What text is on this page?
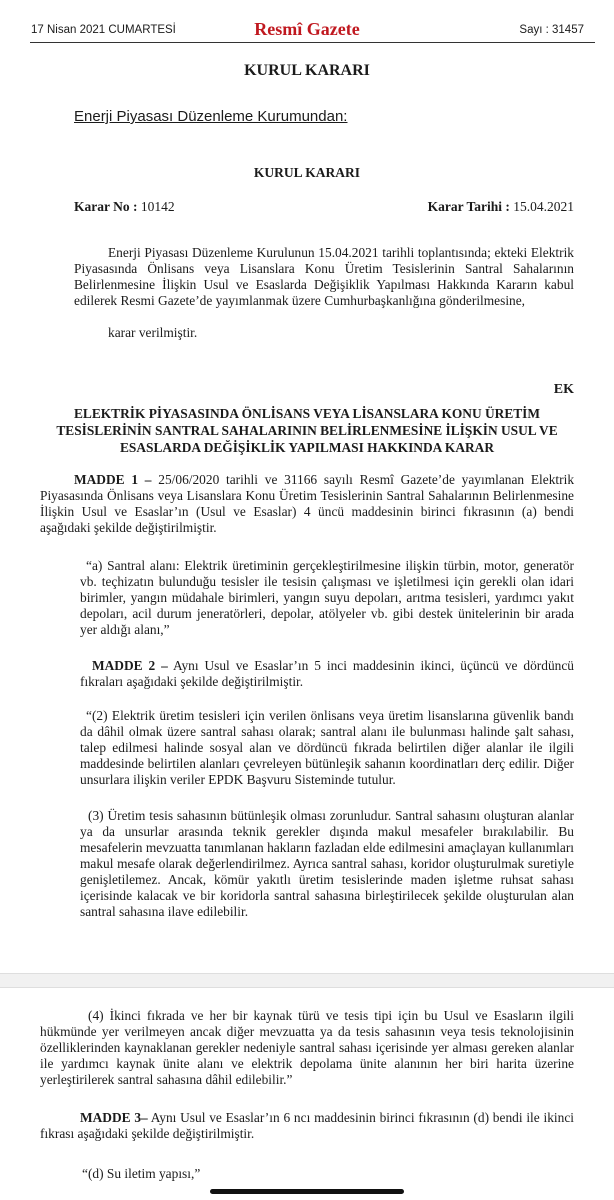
17 Nisan 2021 CUMARTESİ	Resmî Gazete	Sayı : 31457
KURUL KARARI
Enerji Piyasası Düzenleme Kurumundan:
KURUL KARARI
Karar No : 10142	Karar Tarihi : 15.04.2021

Enerji Piyasası Düzenleme Kurulunun 15.04.2021 tarihli toplantısında; ekteki Elektrik Piyasasında Önlisans veya Lisanslara Konu Üretim Tesislerinin Santral Sahalarının Belirlenmesine İlişkin Usul ve Esaslarda Değişiklik Yapılması Hakkında Kararın kabul edilerek Resmi Gazete’de yayımlanmak üzere Cumhurbaşkanlığına gönderilmesine,

karar verilmiştir.
EK
ELEKTRİK PİYASASINDA ÖNLİSANS VEYA LİSANSLARA KONU ÜRETİM
TESİSLERİNİN SANTRAL SAHALARININ BELİRLENMESİNE İLİŞKİN USUL VE
ESASLARDA DEĞİŞİKLİK YAPILMASI HAKKINDA KARAR

MADDE 1 – 25/06/2020 tarihli ve 31166 sayılı Resmî Gazete’de yayımlanan Elektrik Piyasasında Önlisans veya Lisanslara Konu Üretim Tesislerinin Santral Sahalarının Belirlenmesine İlişkin Usul ve Esaslar’ın (Usul ve Esaslar) 4 üncü maddesinin birinci fıkrasının (a) bendi aşağıdaki şekilde değiştirilmiştir.

“a) Santral alanı: Elektrik üretiminin gerçekleştirilmesine ilişkin türbin, motor, generatör vb. teçhizatın bulunduğu tesisler ile tesisin çalışması ve işletilmesi için gerekli olan idari birimler, yangın müdahale birimleri, yangın suyu depoları, arıtma tesisleri, yardımcı yakıt depoları, acil durum jeneratörleri, depolar, atölyeler vb. gibi destek ünitelerinin bir arada yer aldığı alanı,”

MADDE 2 – Aynı Usul ve Esaslar’ın 5 inci maddesinin ikinci, üçüncü ve dördüncü fıkraları aşağıdaki şekilde değiştirilmiştir.

“(2) Elektrik üretim tesisleri için verilen önlisans veya üretim lisanslarına güvenlik bandı da dâhil olmak üzere santral sahası olarak; santral alanı ile bulunması halinde şalt sahası, talep edilmesi halinde sosyal alan ve dördüncü fıkrada belirtilen diğer alanlar ile ilgili maddesinde belirtilen alanları çevreleyen bütünleşik sahanın koordinatları derç edilir. Diğer unsurlara ilişkin veriler EPDK Başvuru Sisteminde tutulur.

(3) Üretim tesis sahasının bütünleşik olması zorunludur. Santral sahasını oluşturan alanlar ya da unsurlar arasında teknik gerekler dışında makul mesafeler bırakılabilir. Bu mesafelerin mevzuatta tanımlanan hakların fazladan elde edilmesini amaçlayan kullanımları makul mesafe olarak değerlendirilmez. Ayrıca santral sahası, koridor oluşturulmak suretiyle genişletilemez. Ancak, kömür yakıtlı üretim tesislerinde maden işletme ruhsat sahası içerisinde kalacak ve bir koridorla santral sahasına birleştirilecek şekilde oluşturulan alan santral sahasına ilave edilebilir.

(4) İkinci fıkrada ve her bir kaynak türü ve tesis tipi için bu Usul ve Esasların ilgili hükmünde yer verilmeyen ancak diğer mevzuatta ya da tesis sahasının veya tesis teknolojisinin özelliklerinden kaynaklanan gerekler nedeniyle santral sahası içerisinde yer alması gereken alanlar ile yardımcı kaynak ünite alanı ve elektrik depolama ünite alanının her biri harita üzerine yerleştirilerek santral sahasına dâhil edilebilir.”

MADDE 3– Aynı Usul ve Esaslar’ın 6 ncı maddesinin birinci fıkrasının (d) bendi ile ikinci fıkrası aşağıdaki şekilde değiştirilmiştir.

“(d) Su iletim yapısı,”
